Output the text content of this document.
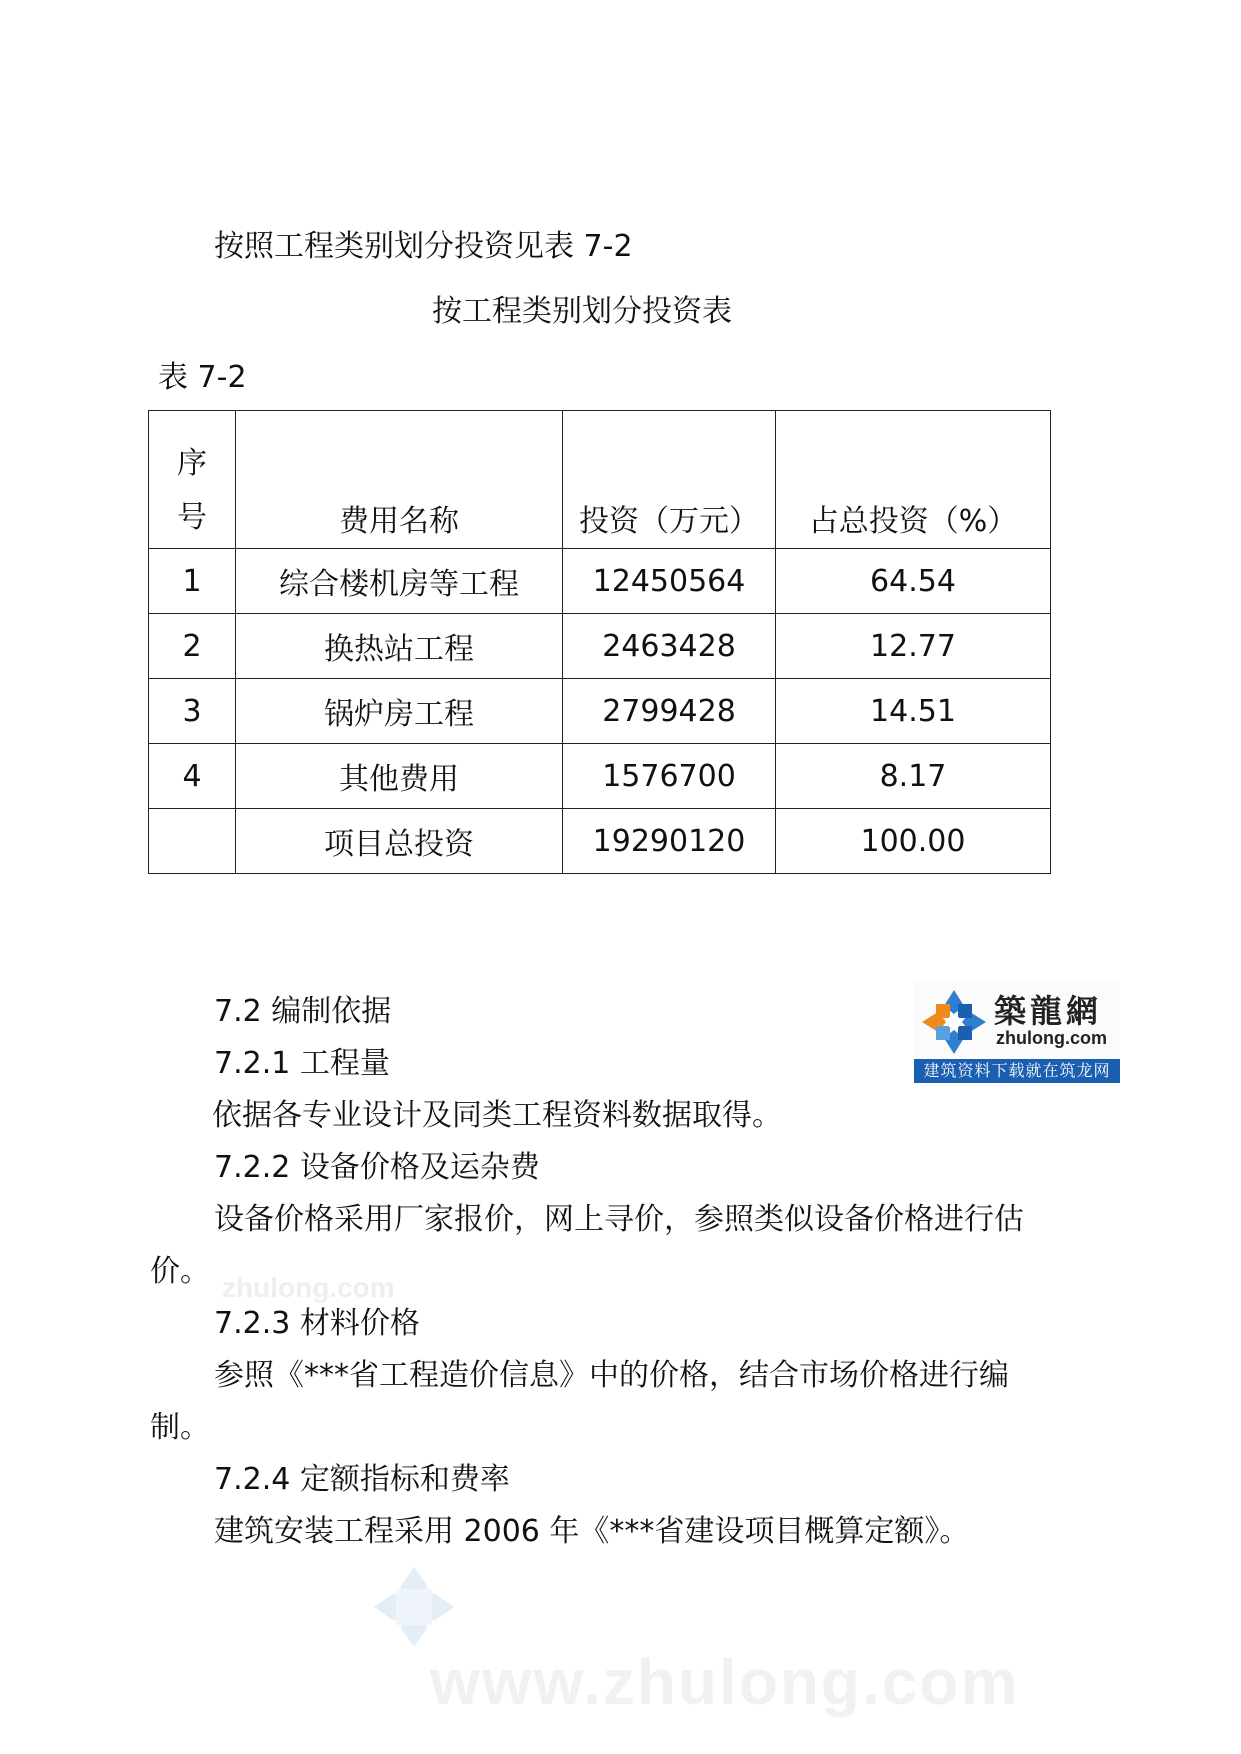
按照工程类别划分投资见表 7-2
按工程类别划分投资表
表 7-2
序
号	费用名称	投资（万元）	占总投资（%）
1	综合楼机房等工程	12450564	64.54
2	换热站工程	2463428	12.77
3	锅炉房工程	2799428	14.51
4	其他费用	1576700	8.17
	项目总投资	19290120	100.00
7.2 编制依据
7.2.1 工程量
依据各专业设计及同类工程资料数据取得。
7.2.2 设备价格及运杂费
设备价格采用厂家报价，网上寻价，参照类似设备价格进行估
价。
7.2.3 材料价格
参照《***省工程造价信息》中的价格，结合市场价格进行编
制。
7.2.4 定额指标和费率
建筑安装工程采用 2006 年《***省建设项目概算定额》。
築龍網
zhulong.com
建筑资料下载就在筑龙网
zhulong.com
www.zhulong.com
